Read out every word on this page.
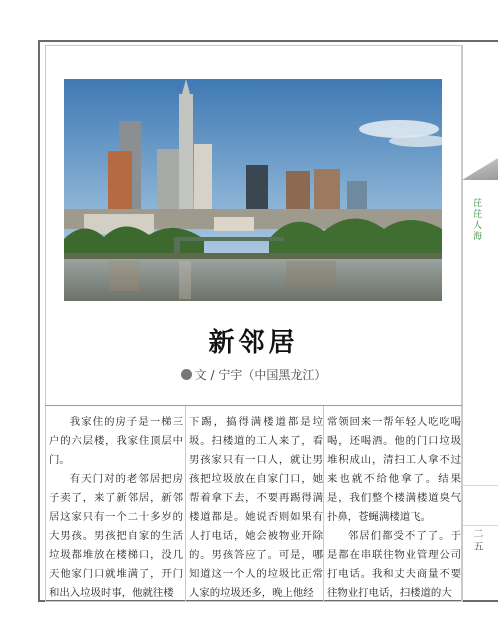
芘芘人海
二五
新邻居
文 / 宁宇（中国黑龙江）

我家住的房子是一梯三户的六层楼，我家住顶层中门。

有天门对的老邻居把房子卖了，来了新邻居，新邻居这家只有一个二十多岁的大男孩。男孩把自家的生活垃圾都堆放在楼梯口，没几天他家门口就堆满了，开门和出入垃圾时事，他就往楼

下踢，搞得满楼道都是垃圾。扫楼道的工人来了，看男孩家只有一口人，就让男孩把垃圾放在自家门口，她帮着拿下去，不要再踢得满楼道都是。她说否则如果有人打电话，她会被物业开除的。男孩答应了。可是，哪知道这一个人的垃圾比正常人家的垃圾还多，晚上他经

常领回来一帮年轻人吃吃喝喝，还喝酒。他的门口垃圾堆积成山，清扫工人拿不过来也就不给他拿了。结果是，我们整个楼满楼道臭气扑鼻，苍蝇满楼道飞。

邻居们都受不了了。于是都在串联往物业管理公司打电话。我和丈夫商量不要往物业打电话，扫楼道的大
